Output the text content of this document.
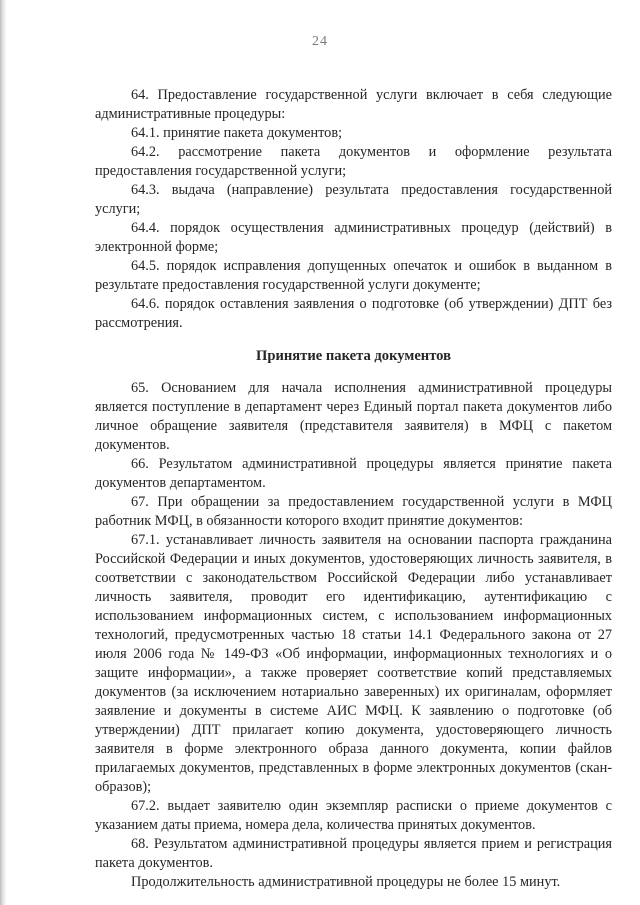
24

64. Предоставление государственной услуги включает в себя следующие административные процедуры:

64.1. принятие пакета документов;

64.2. рассмотрение пакета документов и оформление результата предоставления государственной услуги;

64.3. выдача (направление) результата предоставления государственной услуги;

64.4. порядок осуществления административных процедур (действий) в электронной форме;

64.5. порядок исправления допущенных опечаток и ошибок в выданном в результате предоставления государственной услуги документе;

64.6. порядок оставления заявления о подготовке (об утверждении) ДПТ без рассмотрения.

Принятие пакета документов

65. Основанием для начала исполнения административной процедуры является поступление в департамент через Единый портал пакета документов либо личное обращение заявителя (представителя заявителя) в МФЦ с пакетом документов.

66. Результатом административной процедуры является принятие пакета документов департаментом.

67. При обращении за предоставлением государственной услуги в МФЦ работник МФЦ, в обязанности которого входит принятие документов:

67.1. устанавливает личность заявителя на основании паспорта гражданина Российской Федерации и иных документов, удостоверяющих личность заявителя, в соответствии с законодательством Российской Федерации либо устанавливает личность заявителя, проводит его идентификацию, аутентификацию с использованием информационных систем, с использованием информационных технологий, предусмотренных частью 18 статьи 14.1 Федерального закона от 27 июля 2006 года № 149-ФЗ «Об информации, информационных технологиях и о защите информации», а также проверяет соответствие копий представляемых документов (за исключением нотариально заверенных) их оригиналам, оформляет заявление и документы в системе АИС МФЦ. К заявлению о подготовке (об утверждении) ДПТ прилагает копию документа, удостоверяющего личность заявителя в форме электронного образа данного документа, копии файлов прилагаемых документов, представленных в форме электронных документов (скан-образов);

67.2. выдает заявителю один экземпляр расписки о приеме документов с указанием даты приема, номера дела, количества принятых документов.

68. Результатом административной процедуры является прием и регистрация пакета документов.

Продолжительность административной процедуры не более 15 минут.
